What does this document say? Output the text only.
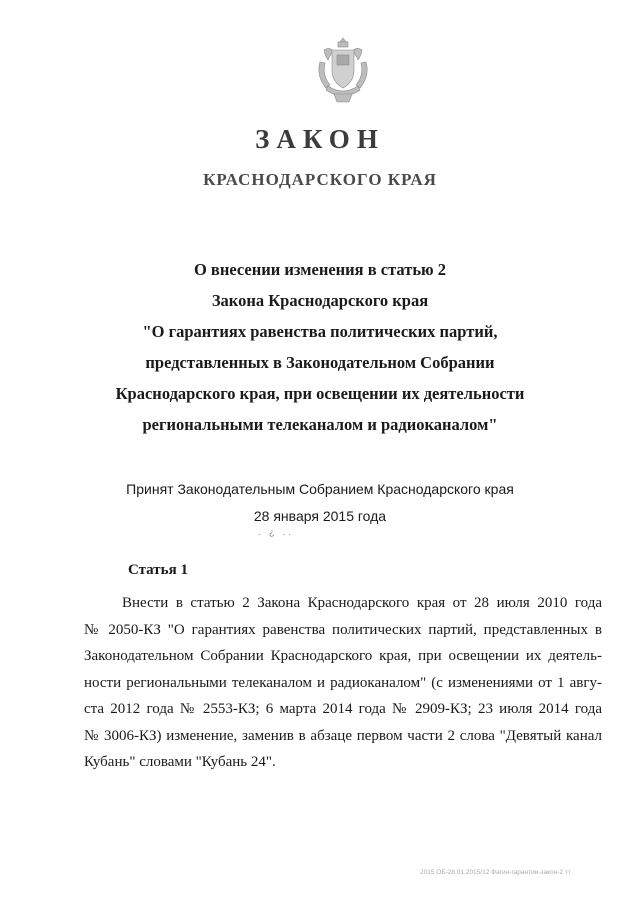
ЗАКОН
КРАСНОДАРСКОГО КРАЯ
О внесении изменения в статью 2
Закона Краснодарского края
"О гарантиях равенства политических партий,
представленных в Законодательном Собрании
Краснодарского края, при освещении их деятельности
региональными телеканалом и радиоканалом"
Принят Законодательным Собранием Краснодарского края
28 января 2015 года
. ¿ ..
Статья 1
Внести в статью 2 Закона Краснодарского края от 28 июля 2010 года
№ 2050-КЗ "О гарантиях равенства политических партий, представленных в
Законодательном Собрании Краснодарского края, при освещении их деятель-
ности региональными телеканалом и радиоканалом" (с изменениями от 1 авгу-
ста 2012 года № 2553-КЗ; 6 марта 2014 года № 2909-КЗ; 23 июля 2014 года
№ 3006-КЗ) изменение, заменив в абзаце первом части 2 слова "Девятый канал
Кубань" словами "Кубань 24".
2015 ОБ-28.01.2015/12 Фагин-гарантии-закон-2 тт
